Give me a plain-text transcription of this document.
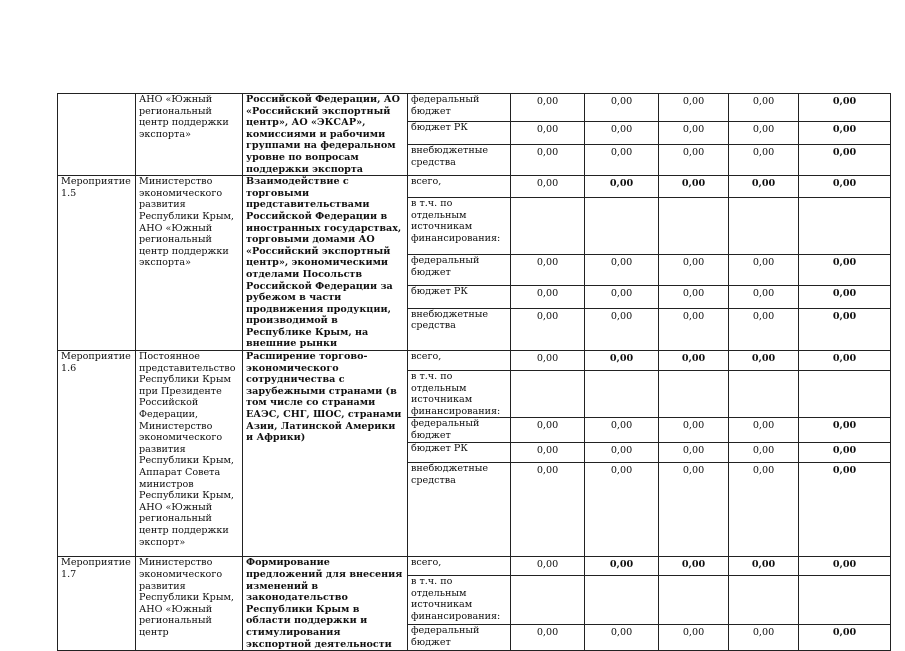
	АНО «Южный региональный центр поддержки экспорта»	Российской Федерации, АО «Российский экспортный центр», АО «ЭКСАР», комиссиями и рабочими группами на федеральном уровне по вопросам поддержки экспорта	федеральный бюджет	0,00	0,00	0,00	0,00	0,00
			бюджет РК	0,00	0,00	0,00	0,00	0,00
			внебюджетные средства	0,00	0,00	0,00	0,00	0,00
Мероприятие 1.5	Министерство экономического развития Республики Крым, АНО «Южный региональный центр поддержки экспорта»	Взаимодействие с торговыми представительствами Российской Федерации в иностранных государствах, торговыми домами АО «Российский экспортный центр», экономическими отделами Посольств Российской Федерации за рубежом в части продвижения продукции, производимой в Республике Крым, на внешние рынки	всего,	0,00	0,00	0,00	0,00	0,00
			в т.ч. по отдельным источникам финансирования:					
			федеральный бюджет	0,00	0,00	0,00	0,00	0,00
			бюджет РК	0,00	0,00	0,00	0,00	0,00
			внебюджетные средства	0,00	0,00	0,00	0,00	0,00
Мероприятие 1.6	Постоянное представительство Республики Крым при Президенте Российской Федерации, Министерство экономического развития Республики Крым, Аппарат Совета министров Республики Крым, АНО «Южный региональный центр поддержки экспорт»	Расширение торгово-экономического сотрудничества с зарубежными странами (в том числе со странами ЕАЭС, СНГ, ШОС, странами Азии, Латинской Америки и Африки)	всего,	0,00	0,00	0,00	0,00	0,00
			в т.ч. по отдельным источникам финансирования:					
			федеральный бюджет	0,00	0,00	0,00	0,00	0,00
			бюджет РК	0,00	0,00	0,00	0,00	0,00
			внебюджетные средства	0,00	0,00	0,00	0,00	0,00
Мероприятие 1.7	Министерство экономического развития Республики Крым, АНО «Южный региональный центр	Формирование предложений для внесения изменений в законодательство Республики Крым в области поддержки и стимулирования экспортной деятельности	всего,	0,00	0,00	0,00	0,00	0,00
			в т.ч. по отдельным источникам финансирования:					
			федеральный бюджет	0,00	0,00	0,00	0,00	0,00
